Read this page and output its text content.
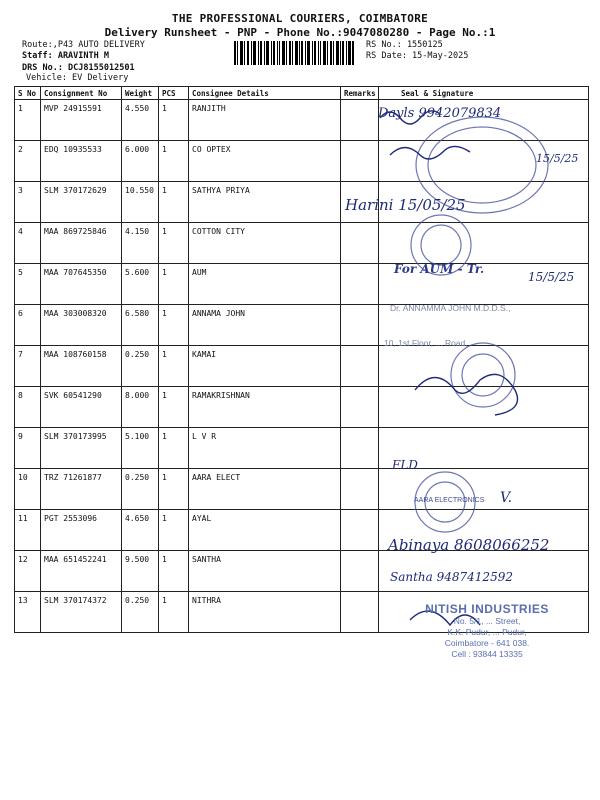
THE PROFESSIONAL COURIERS, COIMBATORE
Delivery Runsheet - PNP - Phone No.:9047080280 - Page No.:1
Route:,P43 AUTO DELIVERY
Staff: ARAVINTH M
DRS No.: DCJ8155012501
Vehicle: EV Delivery
RS No.: 1550125
RS Date: 15-May-2025
S No	Consignment No	Weight	PCS	Consignee Details	Remarks	Seal & Signature
1	MVP 24915591	4.550	1	RANJITH		
2	EDQ 10935533	6.000	1	CO OPTEX		
3	SLM 370172629	10.550	1	SATHYA PRIYA		
4	MAA 869725846	4.150	1	COTTON CITY		
5	MAA 707645350	5.600	1	AUM		
6	MAA 303008320	6.580	1	ANNAMA JOHN		
7	MAA 108760158	0.250	1	KAMAI		
8	SVK 60541290	8.000	1	RAMAKRISHNAN		
9	SLM 370173995	5.100	1	L V R		
10	TRZ 71261877	0.250	1	AARA ELECT		
11	PGT 2553096	4.650	1	AYAL		
12	MAA 651452241	9.500	1	SANTHA		
13	SLM 370174372	0.250	1	NITHRA		
Dayls 9942079834
15/5/25
Harini 15/05/25
15/5/25
FLD
V.
Abinaya 8608066252
Santha 9487412592
Dr. ANNAMMA JOHN M.D.D.S.,
10, 1st Floor, ... Road,
For AUM - Tr.
AARA ELECTRONICS
NITISH INDUSTRIES
No. 5/1, ... Street,
K.K. Pudur, ... Pudur,
Coimbatore - 641 038.
Cell : 93844 13335
